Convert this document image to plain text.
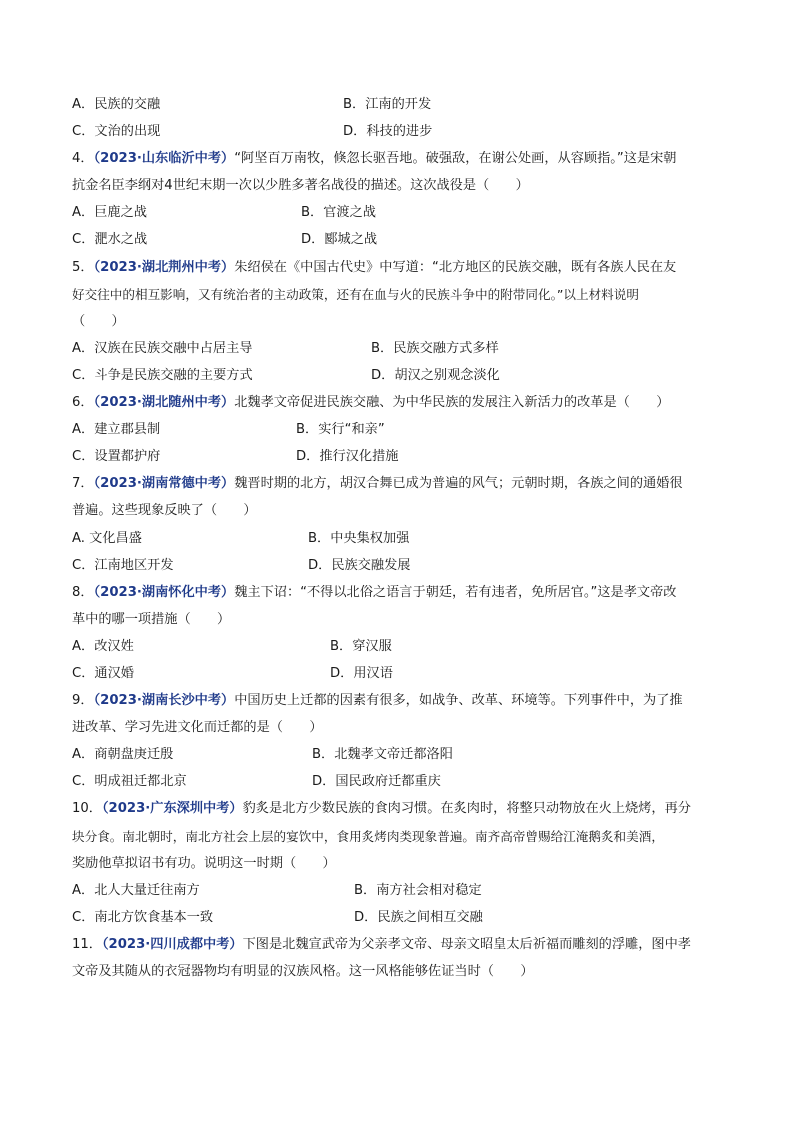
A．民族的交融	B．江南的开发
C．文治的出现	D．科技的进步
4．（2023·山东临沂中考）“阿坚百万南牧，倏忽长驱吾地。破强敌，在谢公处画，从容顾指。”这是宋朝
抗金名臣李纲对4世纪末期一次以少胜多著名战役的描述。这次战役是（　　）
A．巨鹿之战	B．官渡之战
C．淝水之战	D．郾城之战
5．（2023·湖北荆州中考）朱绍侯在《中国古代史》中写道：“北方地区的民族交融，既有各族人民在友
好交往中的相互影响，又有统治者的主动政策，还有在血与火的民族斗争中的附带同化。”以上材料说明
（　　）
A．汉族在民族交融中占居主导	B．民族交融方式多样
C．斗争是民族交融的主要方式	D．胡汉之别观念淡化
6．（2023·湖北随州中考）北魏孝文帝促进民族交融、为中华民族的发展注入新活力的改革是（　　）
A．建立郡县制	B．实行“和亲”
C．设置都护府	D．推行汉化措施
7．（2023·湖南常德中考）魏晋时期的北方，胡汉合舞已成为普遍的风气；元朝时期，各族之间的通婚很
普遍。这些现象反映了（　　）
A. 文化昌盛	B．中央集权加强
C．江南地区开发	D．民族交融发展
8．（2023·湖南怀化中考）魏主下诏：“不得以北俗之语言于朝廷，若有违者，免所居官。”这是孝文帝改
革中的哪一项措施（　　）
A．改汉姓	B．穿汉服
C．通汉婚	D．用汉语
9．（2023·湖南长沙中考）中国历史上迁都的因素有很多，如战争、改革、环境等。下列事件中，为了推
进改革、学习先进文化而迁都的是（　　）
A．商朝盘庚迁殷	B．北魏孝文帝迁都洛阳
C．明成祖迁都北京	D．国民政府迁都重庆
10．（2023·广东深圳中考）豹炙是北方少数民族的食肉习惯。在炙肉时，将整只动物放在火上烧烤，再分
块分食。南北朝时，南北方社会上层的宴饮中，食用炙烤肉类现象普遍。南齐高帝曾赐给江淹鹅炙和美酒，
奖励他草拟诏书有功。说明这一时期（　　）
A．北人大量迁往南方	B．南方社会相对稳定
C．南北方饮食基本一致	D．民族之间相互交融
11．（2023·四川成都中考）下图是北魏宣武帝为父亲孝文帝、母亲文昭皇太后祈福而雕刻的浮雕，图中孝
文帝及其随从的衣冠器物均有明显的汉族风格。这一风格能够佐证当时（　　）
